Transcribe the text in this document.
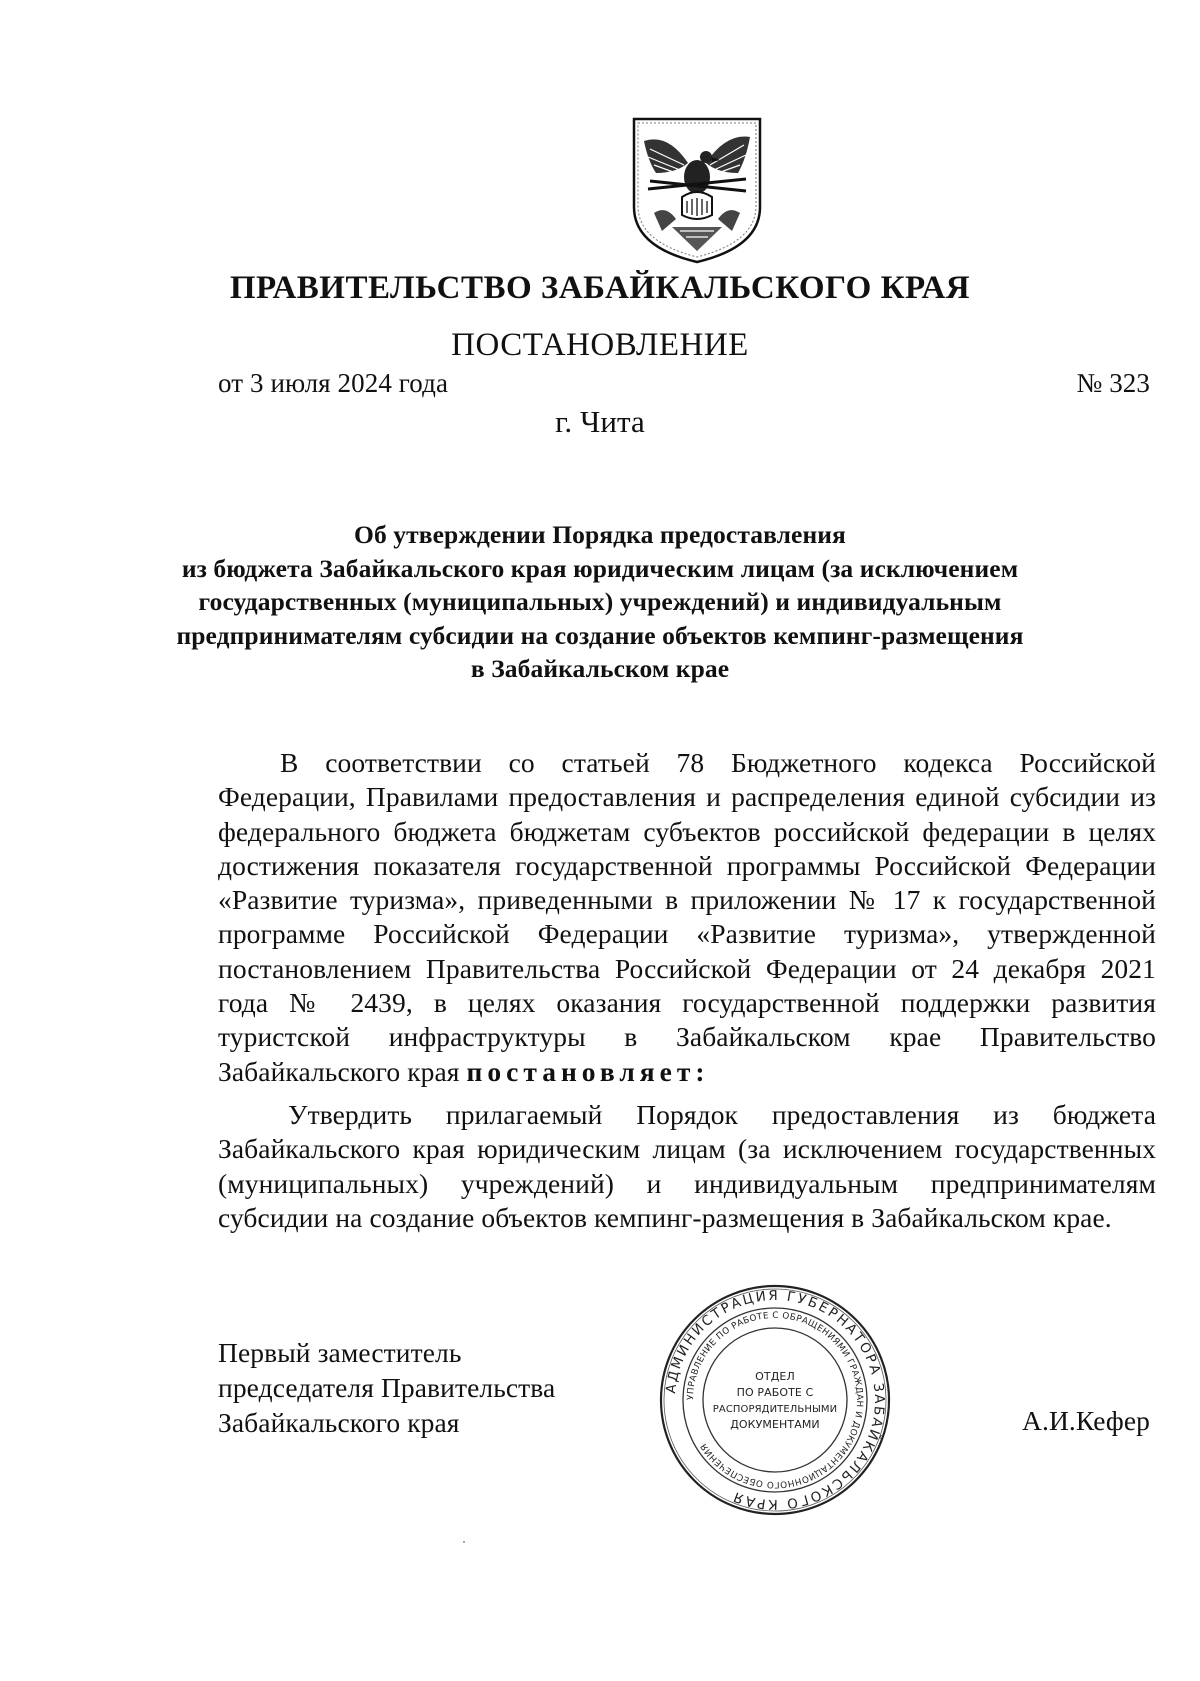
ПРАВИТЕЛЬСТВО ЗАБАЙКАЛЬСКОГО КРАЯ
ПОСТАНОВЛЕНИЕ
от 3 июля 2024 года	№ 323
г. Чита
Об утверждении Порядка предоставления
из бюджета Забайкальского края юридическим лицам (за исключением
государственных (муниципальных) учреждений) и индивидуальным
предпринимателям субсидии на создание объектов кемпинг-размещения
в Забайкальском крае
В соответствии со статьей 78 Бюджетного кодекса Российской
Федерации, Правилами предоставления и распределения единой субсидии из
федерального бюджета бюджетам субъектов российской федерации в целях
достижения показателя государственной программы Российской Федерации
«Развитие туризма», приведенными в приложении № 17 к государственной
программе Российской Федерации «Развитие туризма», утвержденной
постановлением Правительства Российской Федерации от 24 декабря 2021
года № 2439, в целях оказания государственной поддержки развития
туристской инфраструктуры в Забайкальском крае Правительство
Забайкальского края постановляет:
Утвердить прилагаемый Порядок предоставления из бюджета
Забайкальского края юридическим лицам (за исключением государственных
(муниципальных) учреждений) и индивидуальным предпринимателям
субсидии на создание объектов кемпинг-размещения в Забайкальском крае.
Первый заместитель
председателя Правительства
Забайкальского края	А.И.Кефер
АДМИНИСТРАЦИЯ ГУБЕРНАТОРА ЗАБАЙКАЛЬСКОГО КРАЯ
УПРАВЛЕНИЕ ПО РАБОТЕ С ОБРАЩЕНИЯМИ ГРАЖДАН И ДОКУМЕНТАЦИОННОГО ОБЕСПЕЧЕНИЯ
ОТДЕЛ
ПО РАБОТЕ С
РАСПОРЯДИТЕЛЬНЫМИ
ДОКУМЕНТАМИ
